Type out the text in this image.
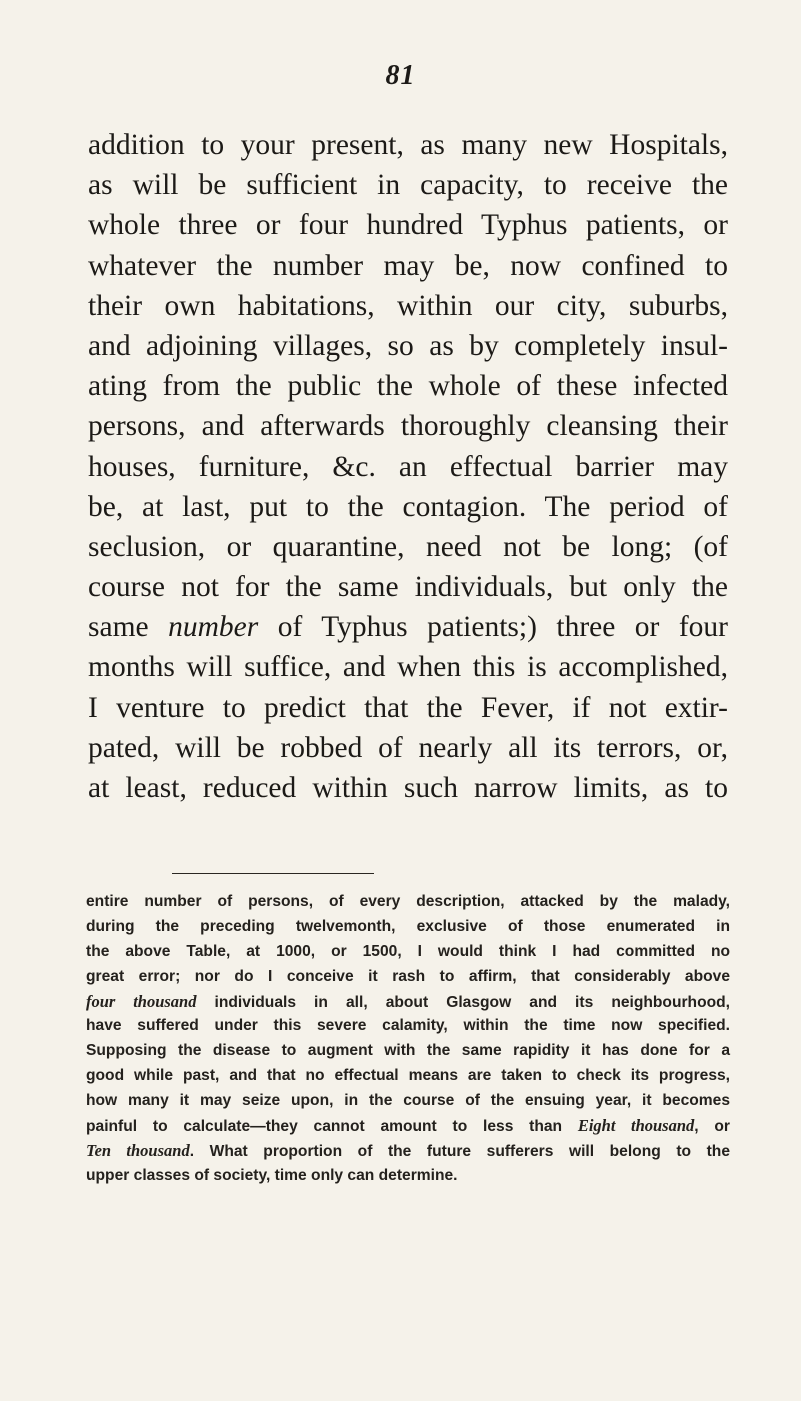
81
addition to your present, as many new Hospitals,
as will be sufficient in capacity, to receive the
whole three or four hundred Typhus patients, or
whatever the number may be, now confined to
their own habitations, within our city, suburbs,
and adjoining villages, so as by completely insul-
ating from the public the whole of these infected
persons, and afterwards thoroughly cleansing their
houses, furniture, &c. an effectual barrier may
be, at last, put to the contagion. The period of
seclusion, or quarantine, need not be long; (of
course not for the same individuals, but only the
same number of Typhus patients;) three or four
months will suffice, and when this is accomplished,
I venture to predict that the Fever, if not extir-
pated, will be robbed of nearly all its terrors, or,
at least, reduced within such narrow limits, as to
entire number of persons, of every description, attacked by the malady,
during the preceding twelvemonth, exclusive of those enumerated in
the above Table, at 1000, or 1500, I would think I had committed no
great error; nor do I conceive it rash to affirm, that considerably above
four thousand individuals in all, about Glasgow and its neighbourhood,
have suffered under this severe calamity, within the time now specified.
Supposing the disease to augment with the same rapidity it has done for a
good while past, and that no effectual means are taken to check its progress,
how many it may seize upon, in the course of the ensuing year, it becomes
painful to calculate—they cannot amount to less than Eight thousand, or
Ten thousand. What proportion of the future sufferers will belong to the
upper classes of society, time only can determine.
